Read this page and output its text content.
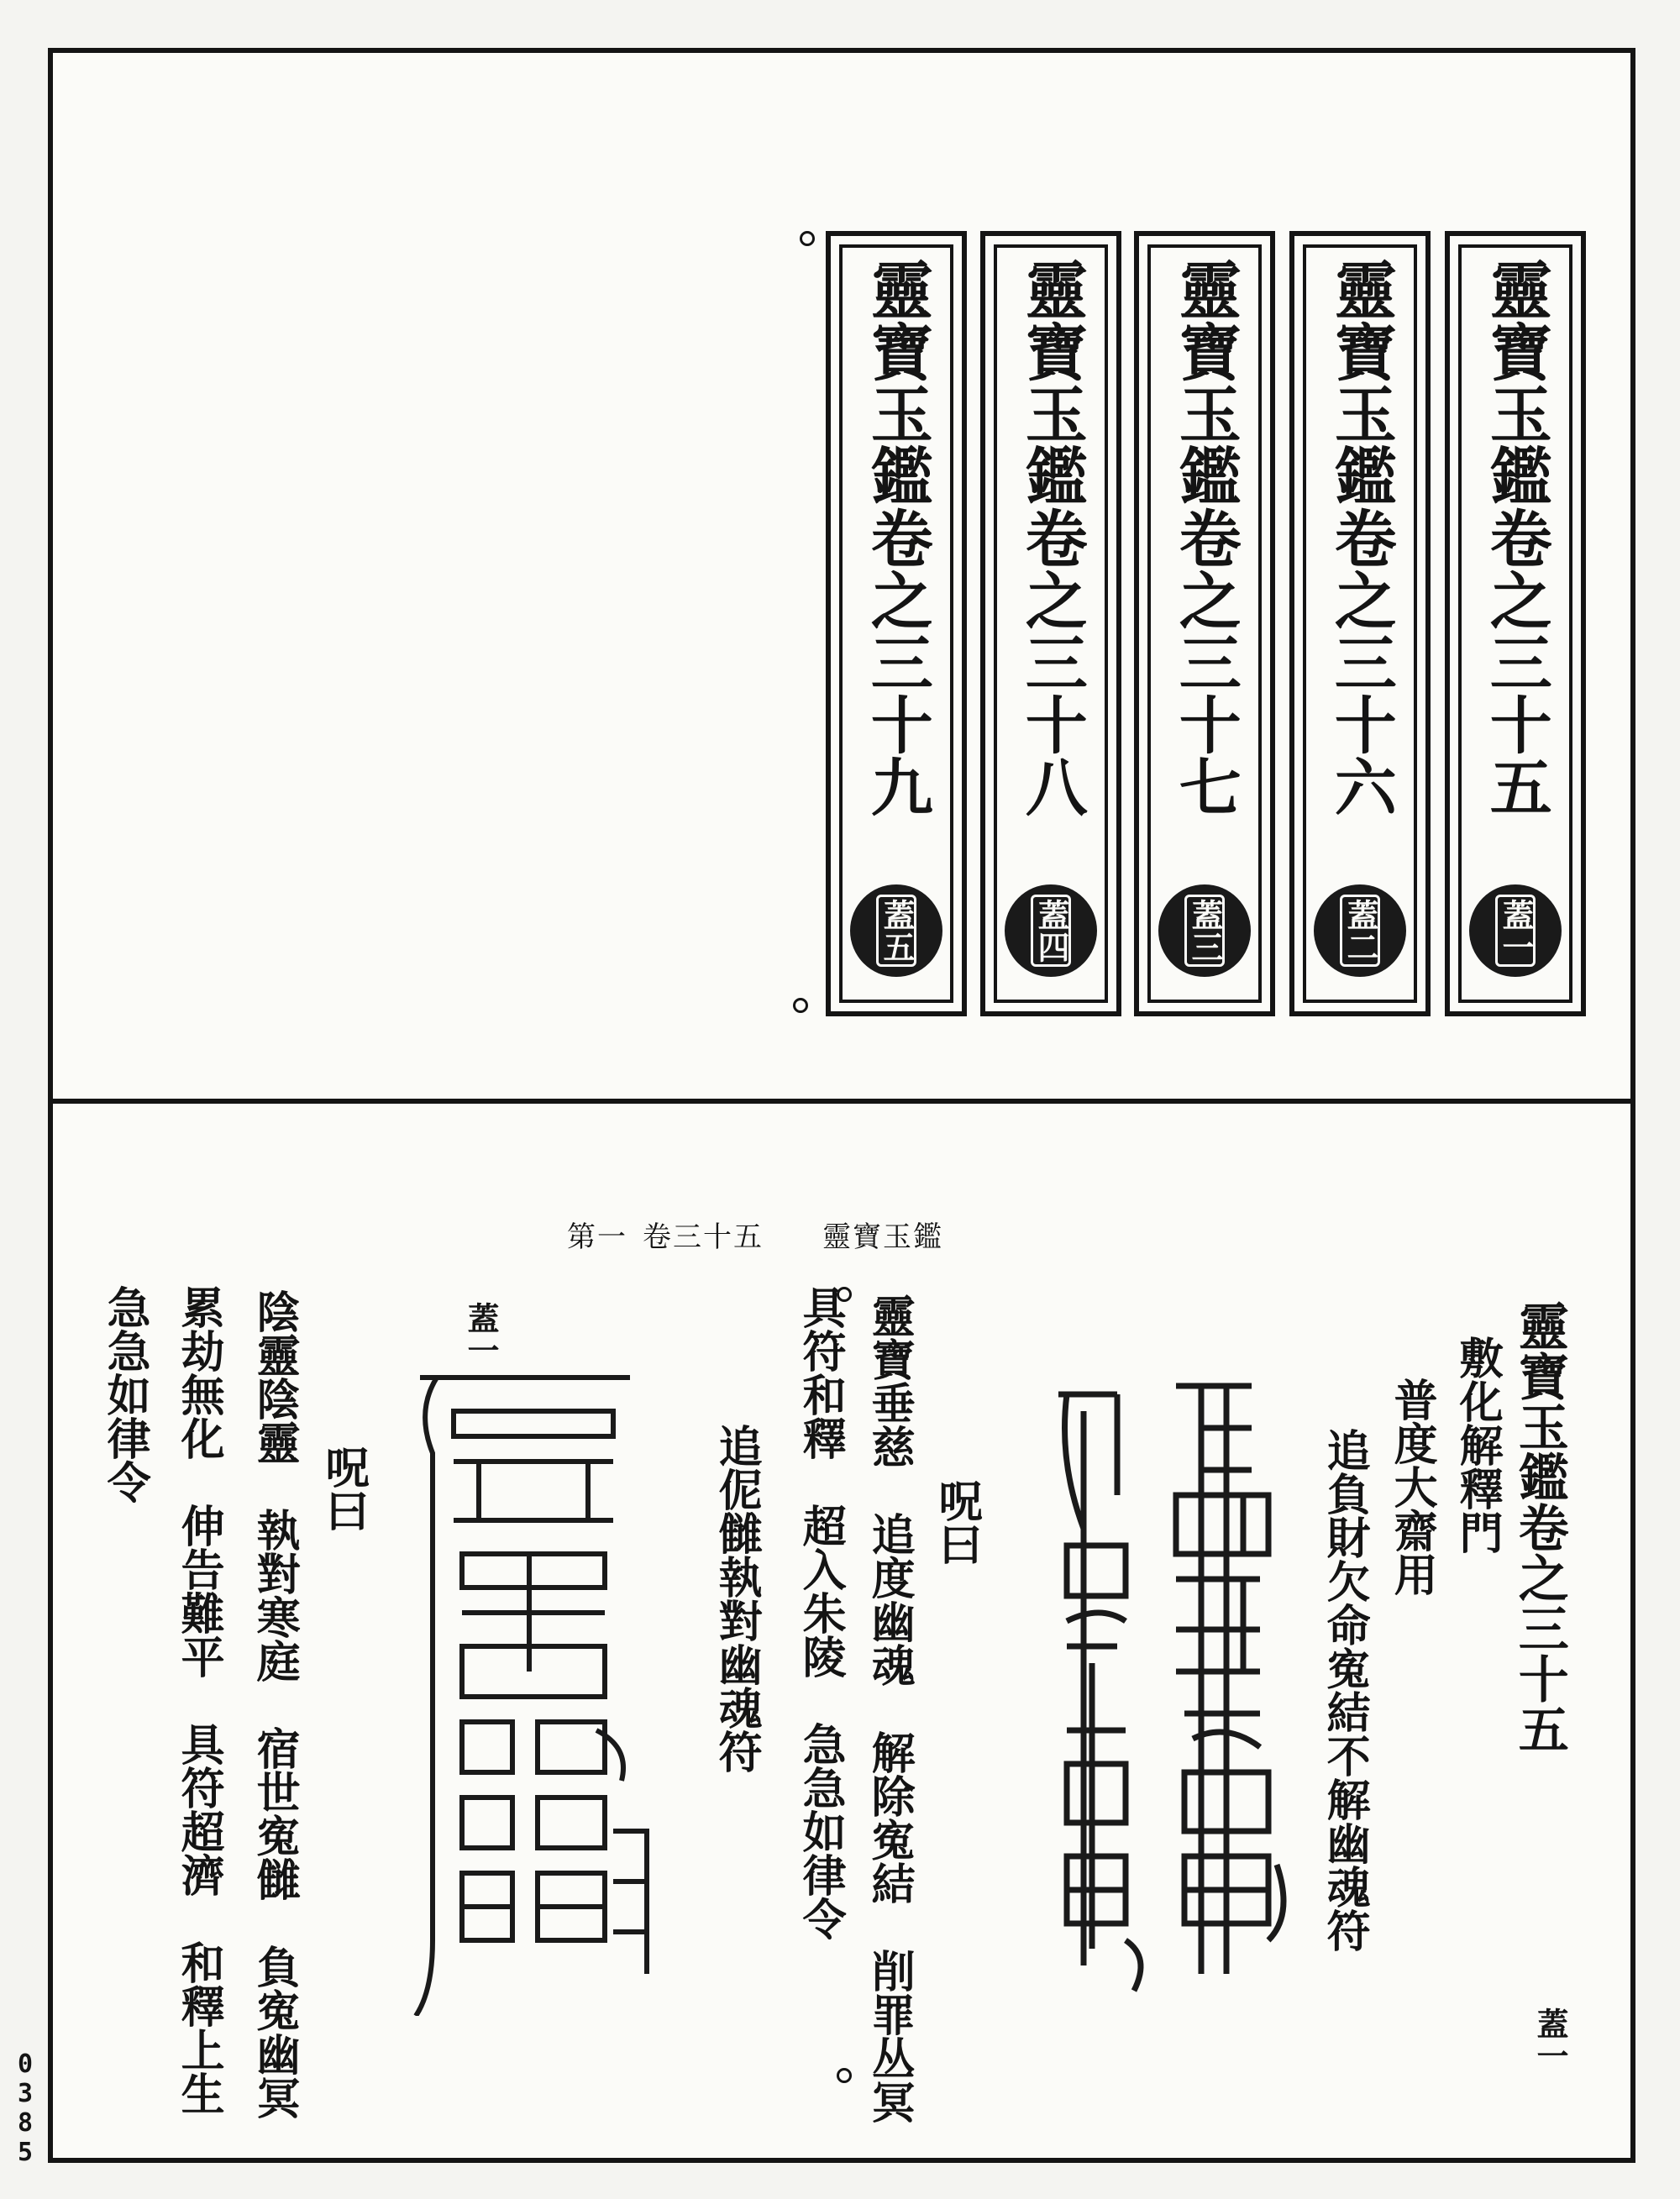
靈寶玉鑑卷之三十五
蓋一
靈寶玉鑑卷之三十六
蓋二
靈寶玉鑑卷之三十七
蓋三
靈寶玉鑑卷之三十八
蓋四
靈寶玉鑑卷之三十九
蓋五
第一 卷三十五 靈寶玉鑑
靈寶玉鑑卷之三十五
敷化解釋門
普度大齋用
追負財欠命寃結不解幽魂符
蓋一
呪曰
靈寶垂慈　追度幽魂　解除寃結　削罪丛冥
具符和釋　超入朱陵　急急如律令
追伲雠執對幽魂符
蓋一
呪曰
陰靈陰靈　執對寒庭　宿世寃雠　負寃幽冥
累劫無化　伸告難平　具符超濟　和釋上生
急急如律令
0385
